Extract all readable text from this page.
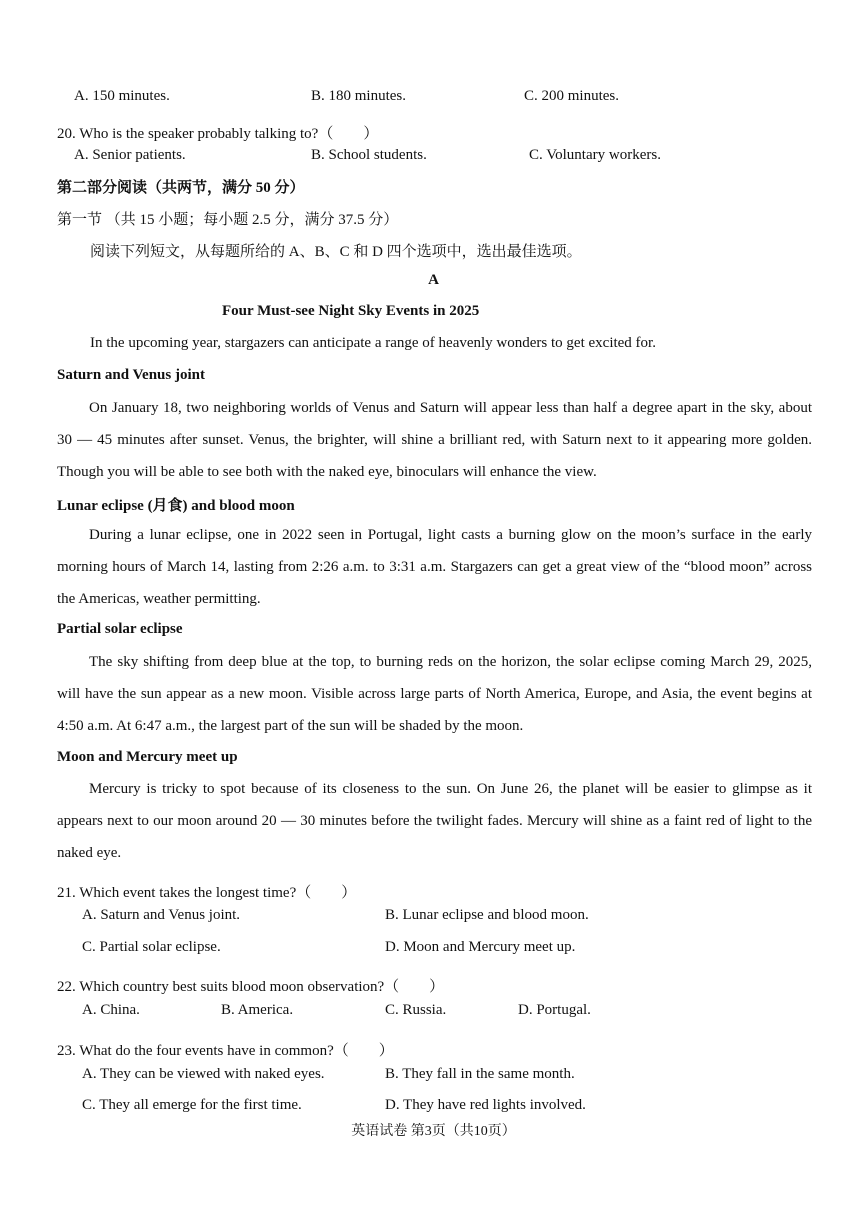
A. 150 minutes.	B. 180 minutes.	C. 200 minutes.
20. Who is the speaker probably talking to?（　　）
A. Senior patients.	B. School students.	C. Voluntary workers.
第二部分阅读（共两节，满分 50 分）
第一节 （共 15 小题；每小题 2.5 分，满分 37.5 分）
阅读下列短文，从每题所给的 A、B、C 和 D 四个选项中，选出最佳选项。
A
Four Must-see Night Sky Events in 2025
In the upcoming year, stargazers can anticipate a range of heavenly wonders to get excited for.
Saturn and Venus joint
On January 18, two neighboring worlds of Venus and Saturn will appear less than half a degree apart in the sky, about 30 — 45 minutes after sunset. Venus, the brighter, will shine a brilliant red, with Saturn next to it appearing more golden. Though you will be able to see both with the naked eye, binoculars will enhance the view.
Lunar eclipse (月食) and blood moon
During a lunar eclipse, one in 2022 seen in Portugal, light casts a burning glow on the moon’s surface in the early morning hours of March 14, lasting from 2:26 a.m. to 3:31 a.m. Stargazers can get a great view of the “blood moon” across the Americas, weather permitting.
Partial solar eclipse
The sky shifting from deep blue at the top, to burning reds on the horizon, the solar eclipse coming March 29, 2025, will have the sun appear as a new moon. Visible across large parts of North America, Europe, and Asia, the event begins at 4:50 a.m. At 6:47 a.m., the largest part of the sun will be shaded by the moon.
Moon and Mercury meet up
Mercury is tricky to spot because of its closeness to the sun. On June 26, the planet will be easier to glimpse as it appears next to our moon around 20 — 30 minutes before the twilight fades. Mercury will shine as a faint red of light to the naked eye.
21. Which event takes the longest time?（　　）
A. Saturn and Venus joint.	B. Lunar eclipse and blood moon.
C. Partial solar eclipse.	D. Moon and Mercury meet up.
22. Which country best suits blood moon observation?（　　）
A. China.	B. America.	C. Russia.	D. Portugal.
23. What do the four events have in common?（　　）
A. They can be viewed with naked eyes.	B. They fall in the same month.
C. They all emerge for the first time.	D. They have red lights involved.
英语试卷 第3页（共10页）
